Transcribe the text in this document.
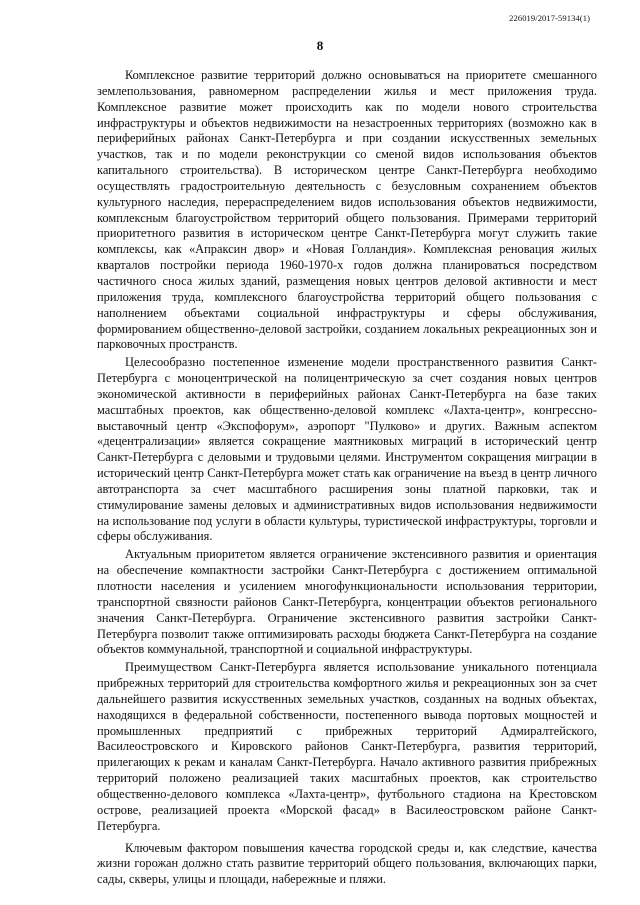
226019/2017-59134(1)
8

Комплексное развитие территорий должно основываться на приоритете смешанного землепользования, равномерном распределении жилья и мест приложения труда. Комплексное развитие может происходить как по модели нового строительства инфраструктуры и объектов недвижимости на незастроенных территориях (возможно как в периферийных районах Санкт-Петербурга и при создании искусственных земельных участков, так и по модели реконструкции со сменой видов использования объектов капитального строительства). В историческом центре Санкт-Петербурга необходимо осуществлять градостроительную деятельность с безусловным сохранением объектов культурного наследия, перераспределением видов использования объектов недвижимости, комплексным благоустройством территорий общего пользования. Примерами территорий приоритетного развития в историческом центре Санкт-Петербурга могут служить такие комплексы, как «Апраксин двор» и «Новая Голландия». Комплексная реновация жилых кварталов постройки периода 1960-1970-х годов должна планироваться посредством частичного сноса жилых зданий, размещения новых центров деловой активности и мест приложения труда, комплексного благоустройства территорий общего пользования с наполнением объектами социальной инфраструктуры и сферы обслуживания, формированием общественно-деловой застройки, созданием локальных рекреационных зон и парковочных пространств.

Целесообразно постепенное изменение модели пространственного развития Санкт-Петербурга с моноцентрической на полицентрическую за счет создания новых центров экономической активности в периферийных районах Санкт-Петербурга на базе таких масштабных проектов, как общественно-деловой комплекс «Лахта-центр», конгрессно-выставочный центр «Экспофорум», аэропорт "Пулково» и других. Важным аспектом «децентрализации» является сокращение маятниковых миграций в исторический центр Санкт-Петербурга с деловыми и трудовыми целями. Инструментом сокращения миграции в исторический центр Санкт-Петербурга может стать как ограничение на въезд в центр личного автотранспорта за счет масштабного расширения зоны платной парковки, так и стимулирование замены деловых и административных видов использования недвижимости на использование под услуги в области культуры, туристической инфраструктуры, торговли и сферы обслуживания.

Актуальным приоритетом является ограничение экстенсивного развития и ориентация на обеспечение компактности застройки Санкт-Петербурга с достижением оптимальной плотности населения и усилением многофункциональности использования территории, транспортной связности районов Санкт-Петербурга, концентрации объектов регионального значения Санкт-Петербурга. Ограничение экстенсивного развития застройки Санкт-Петербурга позволит также оптимизировать расходы бюджета Санкт-Петербурга на создание объектов коммунальной, транспортной и социальной инфраструктуры.

Преимуществом Санкт-Петербурга является использование уникального потенциала прибрежных территорий для строительства комфортного жилья и рекреационных зон за счет дальнейшего развития искусственных земельных участков, созданных на водных объектах, находящихся в федеральной собственности, постепенного вывода портовых мощностей и промышленных предприятий с прибрежных территорий Адмиралтейского, Василеостровского и Кировского районов Санкт-Петербурга, развития территорий, прилегающих к рекам и каналам Санкт-Петербурга. Начало активного развития прибрежных территорий положено реализацией таких масштабных проектов, как строительство общественно-делового комплекса «Лахта-центр», футбольного стадиона на Крестовском острове, реализацией проекта «Морской фасад» в Василеостровском районе Санкт-Петербурга.

Ключевым фактором повышения качества городской среды и, как следствие, качества жизни горожан должно стать развитие территорий общего пользования, включающих парки, сады, скверы, улицы и площади, набережные и пляжи.
